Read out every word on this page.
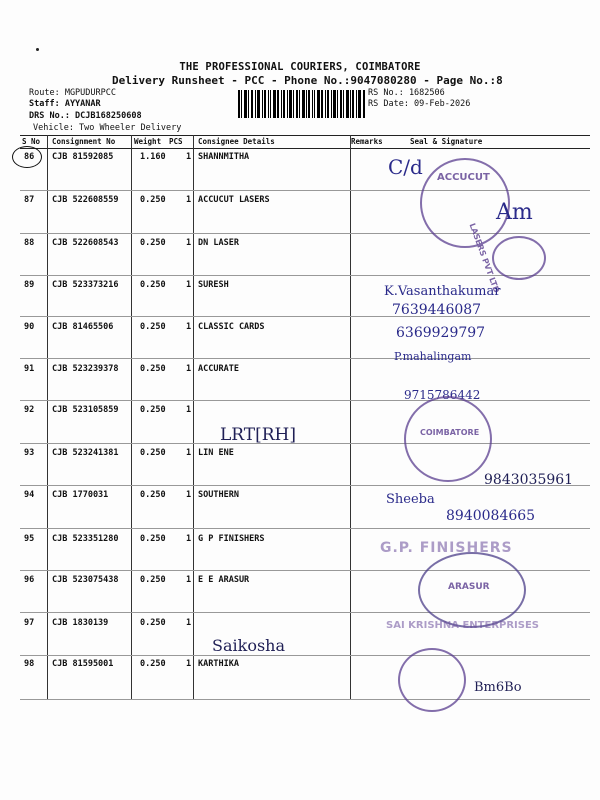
THE PROFESSIONAL COURIERS, COIMBATORE
Delivery Runsheet - PCC - Phone No.:9047080280 - Page No.:8
Route: MGPUDURPCC
Staff: AYYANAR
DRS No.: DCJB168250608
Vehicle: Two Wheeler Delivery
RS No.: 1682506
RS Date: 09-Feb-2026
S No Consignment No	Weight PCS Consignee Details	Remarks	Seal & Signature
86 CJB 81592085	1.160 1 SHANNMITHA
87 CJB 522608559	0.250 1 ACCUCUT LASERS
88 CJB 522608543	0.250 1 DN LASER
89 CJB 523373216	0.250 1 SURESH
90 CJB 81465506	0.250 1 CLASSIC CARDS
91 CJB 523239378	0.250 1 ACCURATE
92 CJB 523105859	0.250 1
93 CJB 523241381	0.250 1 LIN ENE
94 CJB 1770031	0.250 1 SOUTHERN
95 CJB 523351280	0.250 1 G P FINISHERS
96 CJB 523075438	0.250 1 E E ARASUR
97 CJB 1830139	0.250 1
98 CJB 81595001	0.250 1 KARTHIKA
C/d ACCUCUT
LASERS PVT LTD
Am
K.Vasanthakumar
7639446087
6369929797
P.mahalingam
9715786442
COIMBATORE
LRT[RH]
9843035961
Sheeba
8940084665
G.P. FINISHERS
ARASUR
Saikosha
SAI KRISHNA ENTERPRISES
Bm6Bo
